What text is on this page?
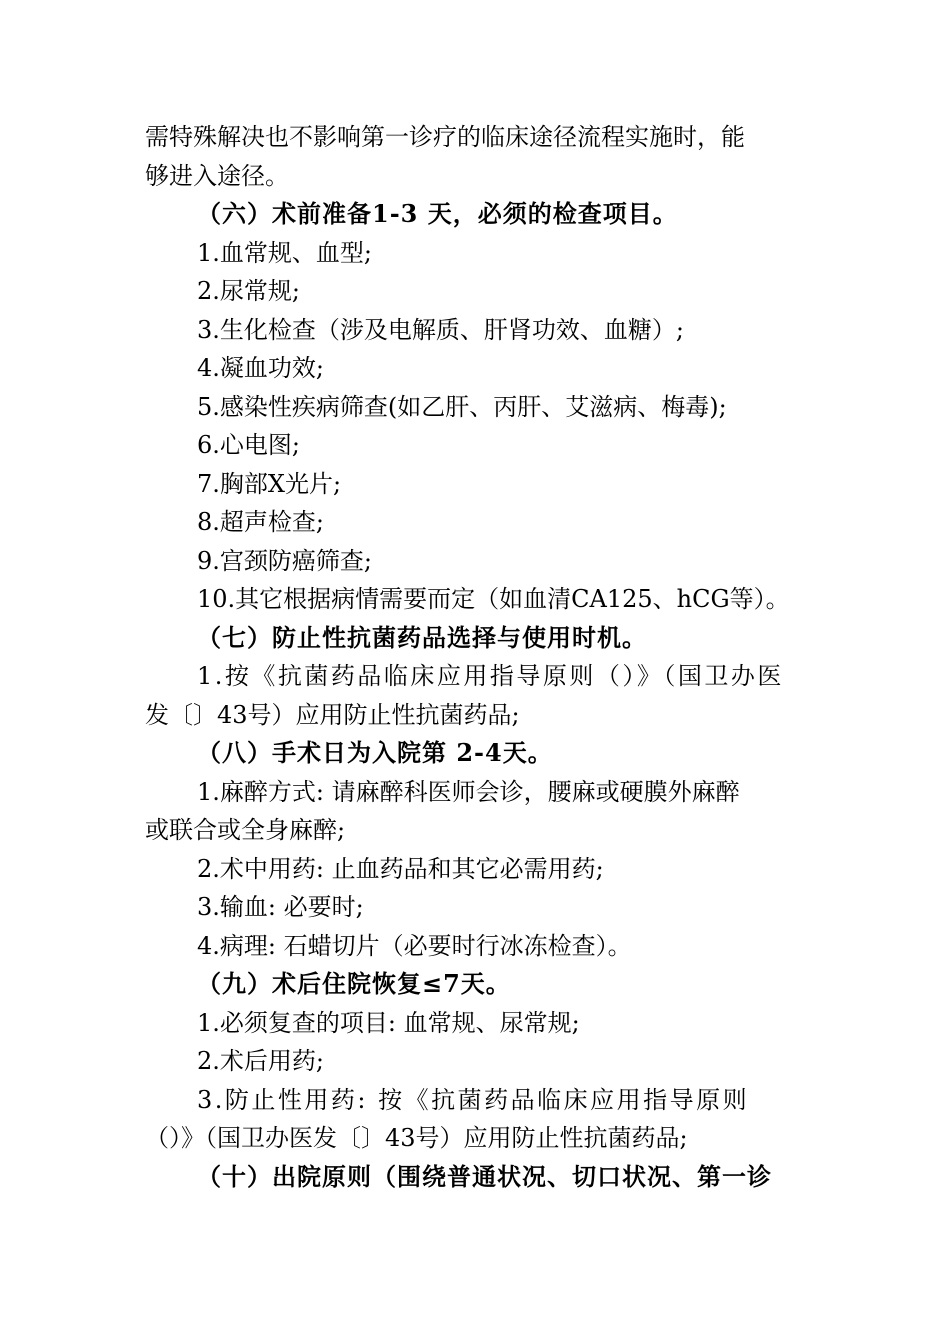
需特殊解决也不影响第一诊疗的临床途径流程实施时，能
够进入途径。
（六）术前准备1-3 天，必须的检查项目。
1.血常规、血型;
2.尿常规;
3.生化检查（涉及电解质、肝肾功效、血糖）;
4.凝血功效;
5.感染性疾病筛查(如乙肝、丙肝、艾滋病、梅毒);
6.心电图;
7.胸部X光片;
8.超声检查;
9.宫颈防癌筛查;
10.其它根据病情需要而定（如血清CA125、hCG等）。
（七）防止性抗菌药品选择与使用时机。
1.按《抗菌药品临床应用指导原则（）》（国卫办医
发〔〕43号）应用防止性抗菌药品;
（八）手术日为入院第 2-4天。
1.麻醉方式: 请麻醉科医师会诊，腰麻或硬膜外麻醉
或联合或全身麻醉;
2.术中用药: 止血药品和其它必需用药;
3.输血: 必要时;
4.病理: 石蜡切片（必要时行冰冻检查）。
（九）术后住院恢复≤7天。
1.必须复查的项目: 血常规、尿常规;
2.术后用药;
3.防止性用药: 按《抗菌药品临床应用指导原则
（）》（国卫办医发〔〕43号）应用防止性抗菌药品;
（十）出院原则（围绕普通状况、切口状况、第一诊
